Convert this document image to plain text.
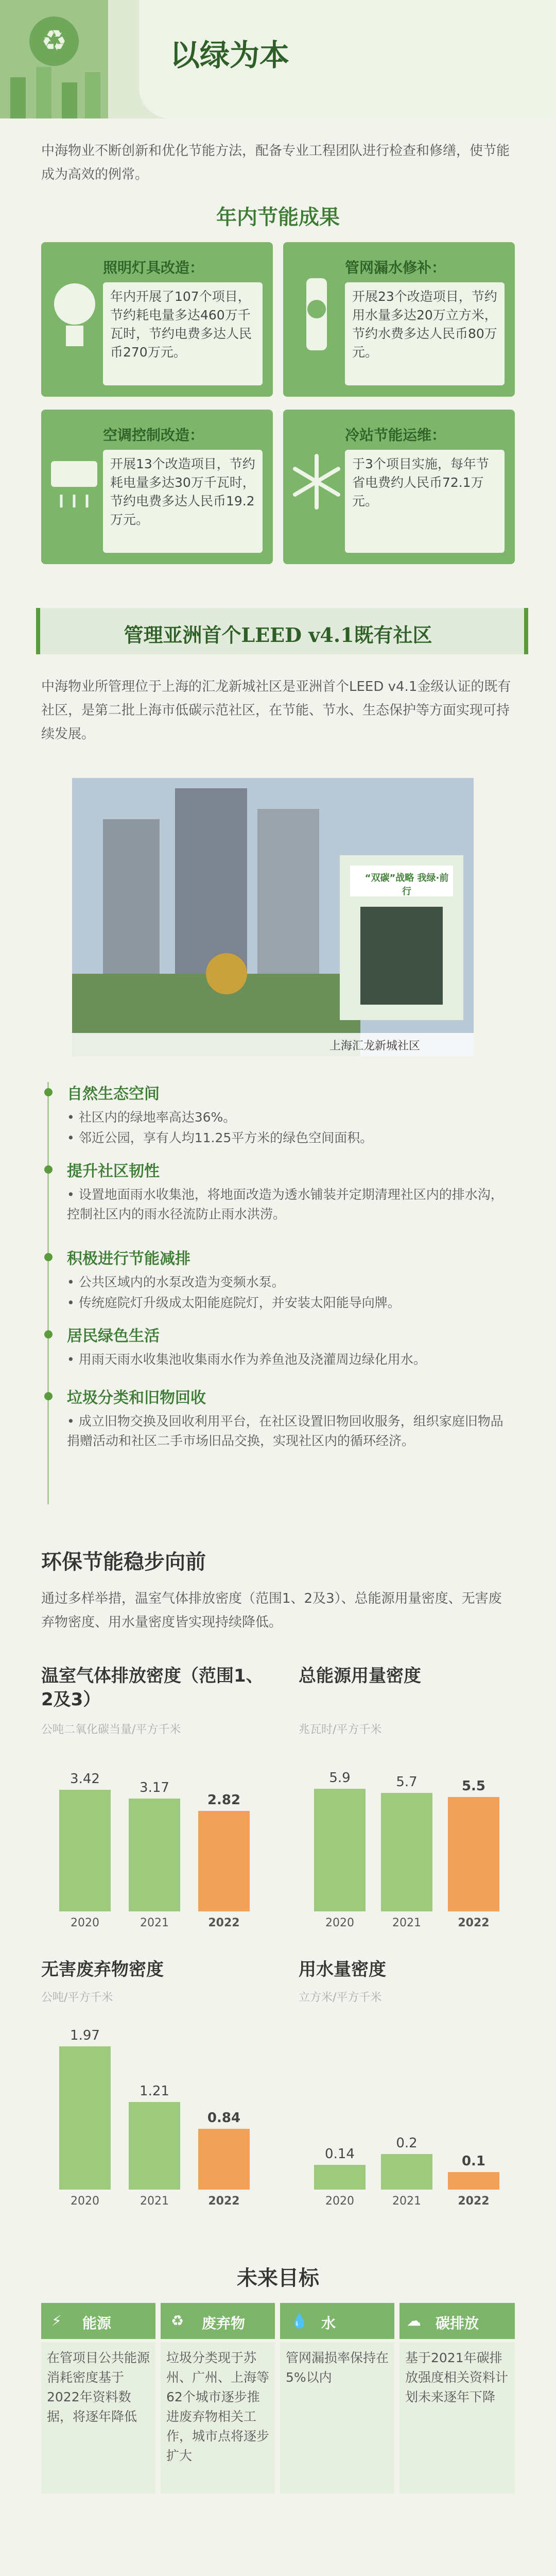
♻	以绿为本
中海物业不断创新和优化节能方法，配备专业工程团队进行检查和修缮，使节能成为高效的例常。
年内节能成果
照明灯具改造：
年内开展了107个项目，节约耗电量多达460万千瓦时，节约电费多达人民币270万元。
管网漏水修补：
开展23个改造项目，节约用水量多达20万立方米，节约水费多达人民币80万元。
空调控制改造：
开展13个改造项目，节约耗电量多达30万千瓦时，节约电费多达人民币19.2万元。
冷站节能运维：
于3个项目实施，每年节省电费约人民币72.1万元。
管理亚洲首个LEED v4.1既有社区
中海物业所管理位于上海的汇龙新城社区是亚洲首个LEED v4.1金级认证的既有社区，是第二批上海市低碳示范社区，在节能、节水、生态保护等方面实现可持续发展。
“双碳”战略 我绿·前行
上海汇龙新城社区
自然生态空间
• 社区内的绿地率高达36%。
• 邻近公园，享有人均11.25平方米的绿色空间面积。
提升社区韧性
• 设置地面雨水收集池，将地面改造为透水铺装并定期清理社区内的排水沟，控制社区内的雨水径流防止雨水洪涝。
积极进行节能减排
• 公共区域内的水泵改造为变频水泵。
• 传统庭院灯升级成太阳能庭院灯，并安装太阳能导向牌。
居民绿色生活
• 用雨天雨水收集池收集雨水作为养鱼池及浇灌周边绿化用水。
垃圾分类和旧物回收
• 成立旧物交换及回收利用平台，在社区设置旧物回收服务，组织家庭旧物品捐赠活动和社区二手市场旧品交换，实现社区内的循环经济。
环保节能稳步向前
通过多样举措，温室气体排放密度（范围1、2及3）、总能源用量密度、无害废弃物密度、用水量密度皆实现持续降低。
温室气体排放密度（范围1、2及3）
公吨二氧化碳当量/平方千米
3.42
2020
3.17
2021
2.82
2022
总能源用量密度
兆瓦时/平方千米
5.9
2020
5.7
2021
5.5
2022
无害废弃物密度
公吨/平方千米
1.97
2020
1.21
2021
0.84
2022
用水量密度
立方米/平方千米
0.14
2020
0.2
2021
0.1
2022
未来目标
⚡ 能源
在管项目公共能源消耗密度基于2022年资料数据，将逐年降低
♻ 废弃物
垃圾分类现于苏州、广州、上海等62个城市逐步推进废弃物相关工作，城市点将逐步扩大
💧 水
管网漏损率保持在5%以内
☁ 碳排放
基于2021年碳排放强度相关资料计划未来逐年下降
